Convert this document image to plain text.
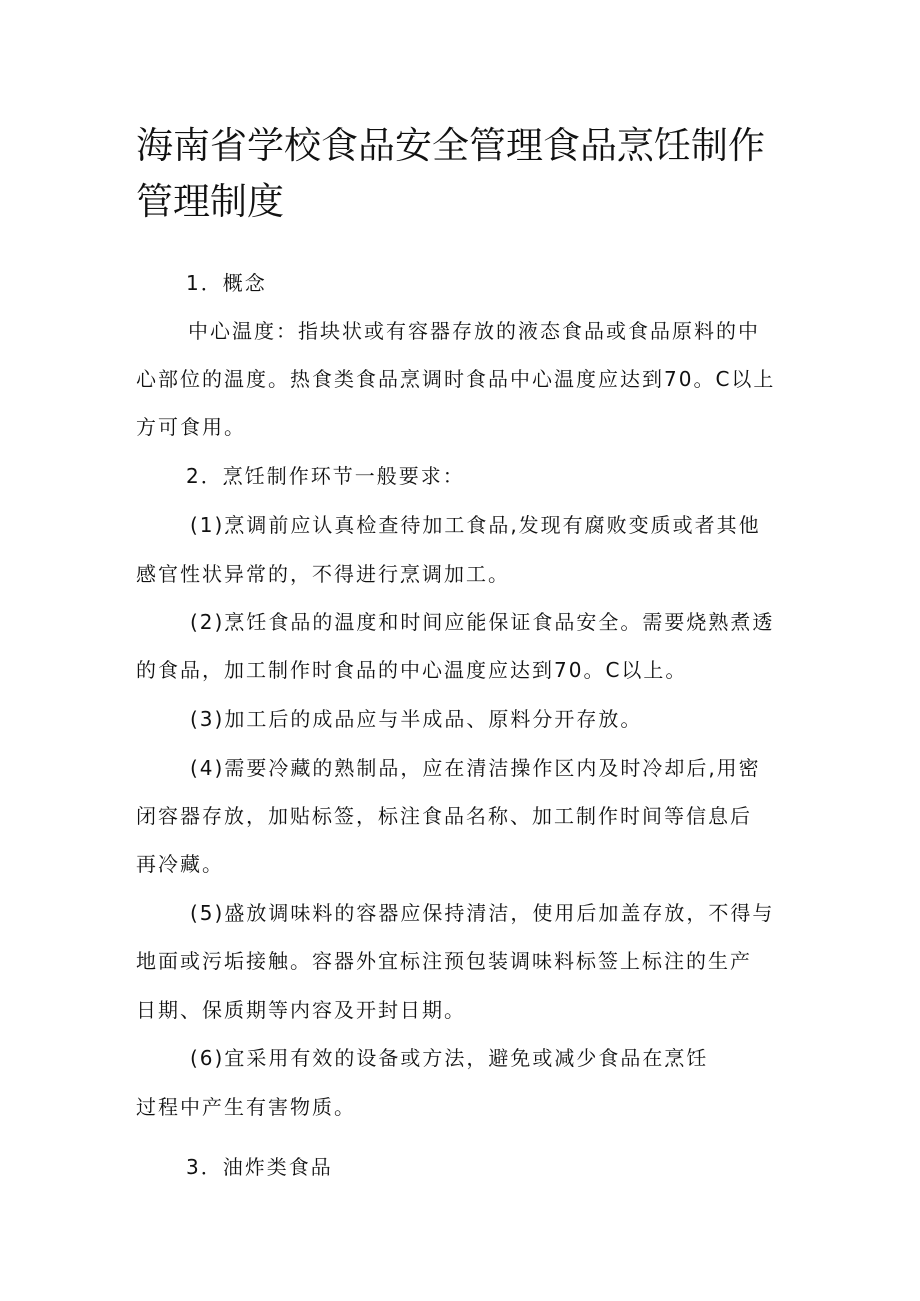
海南省学校食品安全管理食品烹饪制作管理制度

1．概念

中心温度：指块状或有容器存放的液态食品或食品原料的中

心部位的温度。热食类食品烹调时食品中心温度应达到70。C以上

方可食用。

2．烹饪制作环节一般要求：

(1)烹调前应认真检查待加工食品,发现有腐败变质或者其他

感官性状异常的，不得进行烹调加工。

(2)烹饪食品的温度和时间应能保证食品安全。需要烧熟煮透

的食品，加工制作时食品的中心温度应达到70。C以上。

(3)加工后的成品应与半成品、原料分开存放。

(4)需要冷藏的熟制品，应在清洁操作区内及时冷却后,用密

闭容器存放，加贴标签，标注食品名称、加工制作时间等信息后

再冷藏。

(5)盛放调味料的容器应保持清洁，使用后加盖存放，不得与

地面或污垢接触。容器外宜标注预包装调味料标签上标注的生产

日期、保质期等内容及开封日期。

(6)宜采用有效的设备或方法，避免或减少食品在烹饪

过程中产生有害物质。

3．油炸类食品
